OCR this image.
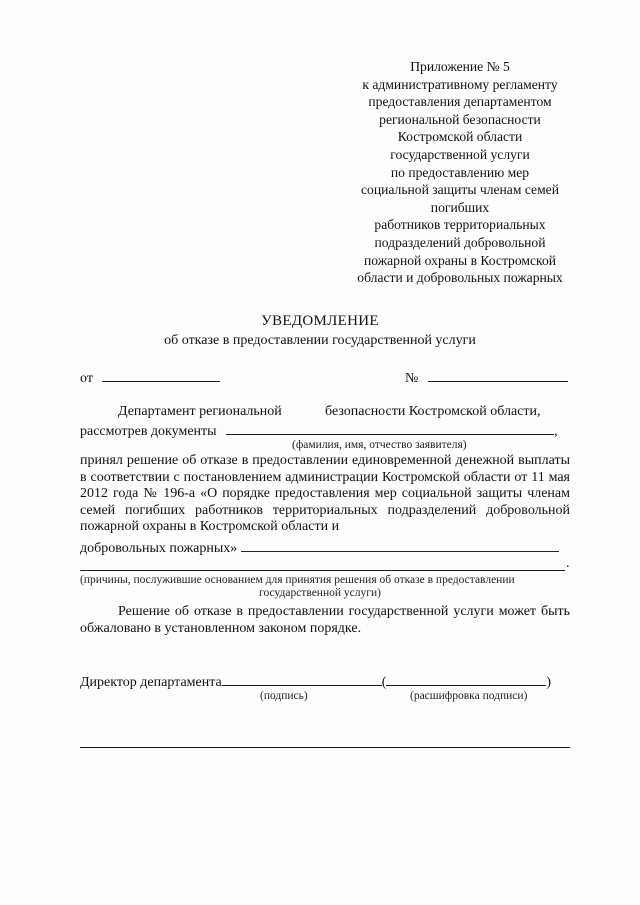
Приложение № 5
к административному регламенту
предоставления департаментом
региональной безопасности
Костромской области
государственной услуги
по предоставлению мер
социальной защиты членам семей
погибших
работников территориальных
подразделений добровольной
пожарной охраны в Костромской
области и добровольных пожарных
УВЕДОМЛЕНИЕ
об отказе в предоставлении государственной услуги
от	№
Департамент региональной	безопасности Костромской области,
рассмотрев документы	,
(фамилия, имя, отчество заявителя)
принял решение об отказе в предоставлении единовременной денежной выплаты в соответствии с постановлением администрации Костромской области от 11 мая 2012 года № 196-а «О порядке предоставления мер социальной защиты членам семей погибших работников территориальных подразделений добровольной пожарной охраны в Костромской области и
добровольных пожарных»
.
(причины, послужившие основанием для принятия решения об отказе в предоставлении
государственной услуги)
Решение об отказе в предоставлении государственной услуги может быть обжаловано в установленном законом порядке.
Директор департамента	(	)
(подпись)	(расшифровка подписи)
